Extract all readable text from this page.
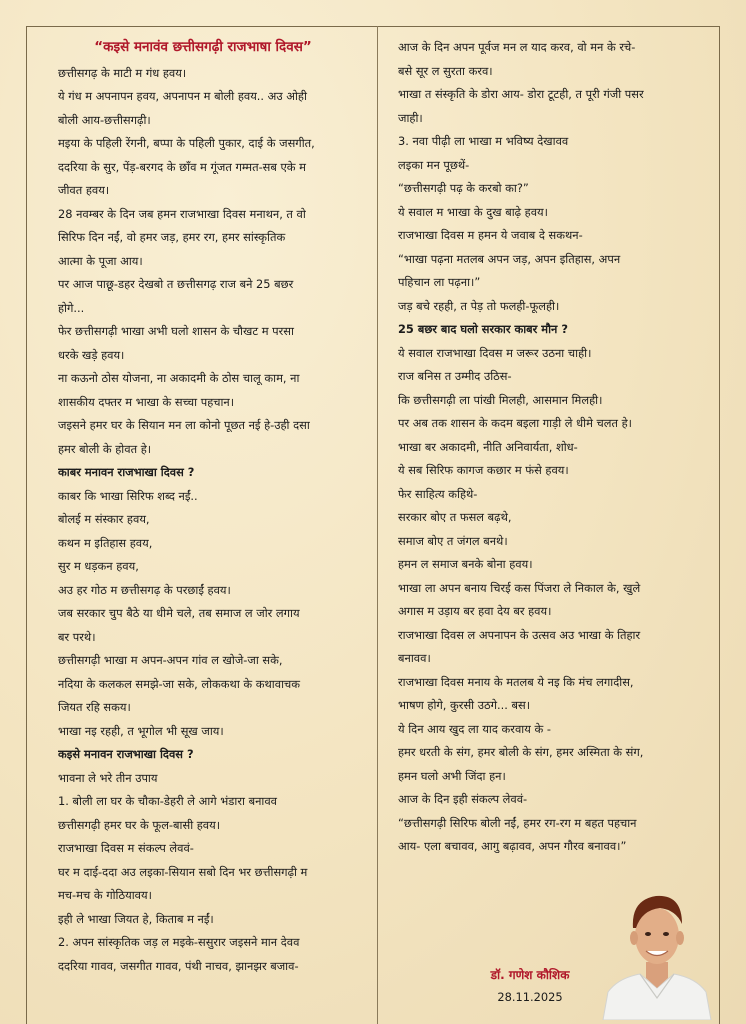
“कइसे मनावंव छत्तीसगढ़ी राजभाषा दिवस”
छत्तीसगढ़ के माटी म गंध हवय।
ये गंध म अपनापन हवय, अपनापन म बोली हवय.. अउ ओही
बोली आय-छत्तीसगढ़ी।
मइया के पहिली रेंगनी, बप्पा के पहिली पुकार, दाई के जसगीत,
ददरिया के सुर, पेंड़-बरगद के छाँव म गूंजत गम्मत-सब एके म
जीवत हवय।
28 नवम्बर के दिन जब हमन राजभाखा दिवस मनाथन, त वो
सिरिफ दिन नईं, वो हमर जड़, हमर रग, हमर सांस्कृतिक
आत्मा के पूजा आय।
पर आज पाछू-डहर देखबो त छत्तीसगढ़ राज बने 25 बछर
होगे...
फेर छत्तीसगढ़ी भाखा अभी घलो शासन के चौखट म परसा
धरके खड़े हवय।
ना कऊनो ठोस योजना, ना अकादमी के ठोस चालू काम, ना
शासकीय दफ्तर म भाखा के सच्चा पहचान।
जइसने हमर घर के सियान मन ला कोनो पूछत नई हे-उही दसा
हमर बोली के होवत हे।
काबर मनावन राजभाखा दिवस ?
काबर कि भाखा सिरिफ शब्द नईं..
बोलई म संस्कार हवय,
कथन म इतिहास हवय,
सुर म धड़कन हवय,
अउ हर गोठ म छत्तीसगढ़ के परछाईं हवय।
जब सरकार चुप बैठे या धीमे चले, तब समाज ल जोर लगाय
बर परथे।
छत्तीसगढ़ी भाखा म अपन-अपन गांव ल खोजे-जा सके,
नदिया के कलकल समझे-जा सके, लोककथा के कथावाचक
जियत रहि सकय।
भाखा नइ रहही, त भूगोल भी सूख जाय।
कइसे मनावन राजभाखा दिवस ?
भावना ले भरे तीन उपाय
1. बोली ला घर के चौका-डेहरी ले आगे भंडारा बनावव
छत्तीसगढ़ी हमर घर के फूल-बासी हवय।
राजभाखा दिवस म संकल्प लेववं-
घर म दाई-ददा अउ लइका-सियान सबो दिन भर छत्तीसगढ़ी म
मच-मच के गोठियावय।
इही ले भाखा जियत हे, किताब म नईं।
2. अपन सांस्कृतिक जड़ ल मइके-ससुरार जइसने मान देवव
ददरिया गावव, जसगीत गावव, पंथी नाचव, झानझर बजाव-
आज के दिन अपन पूर्वज मन ल याद करव, वो मन के रचे-
बसे सूर ल सुरता करव।
भाखा त संस्कृति के डोरा आय- डोरा टूटही, त पूरी गंजी पसर
जाही।
3. नवा पीढ़ी ला भाखा म भविष्य देखावव
लइका मन पूछथें-
“छत्तीसगढ़ी पढ़ के करबो का?”
ये सवाल म भाखा के दुख बाढ़े हवय।
राजभाखा दिवस म हमन ये जवाब दे सकथन-
“भाखा पढ़ना मतलब अपन जड़, अपन इतिहास, अपन
पहिचान ला पढ़ना।”
जड़ बचे रहही, त पेड़ तो फलही-फूलही।
25 बछर बाद घलो सरकार काबर मौन ?
ये सवाल राजभाखा दिवस म जरूर उठना चाही।
राज बनिस त उम्मीद उठिस-
कि छत्तीसगढ़ी ला पांखी मिलही, आसमान मिलही।
पर अब तक शासन के कदम बइला गाड़ी ले धीमे चलत हे।
भाखा बर अकादमी, नीति अनिवार्यता, शोध-
ये सब सिरिफ कागज कछार म फंसे हवय।
फेर साहित्य कहिथे-
सरकार बोए त फसल बढ़थे,
समाज बोए त जंगल बनथे।
हमन ल समाज बनके बोना हवय।
भाखा ला अपन बनाय चिरई कस पिंजरा ले निकाल के, खुले
अगास म उड़ाय बर हवा देय बर हवय।
राजभाखा दिवस ल अपनापन के उत्सव अउ भाखा के तिहार
बनावव।
राजभाखा दिवस मनाय के मतलब ये नइ कि मंच लगादीस,
भाषण होगे, कुरसी उठगे... बस।
ये दिन आय खुद ला याद करवाय के -
हमर धरती के संग, हमर बोली के संग, हमर अस्मिता के संग,
हमन घलो अभी जिंदा हन।
आज के दिन इही संकल्प लेववं-
“छत्तीसगढ़ी सिरिफ बोली नईं, हमर रग-रग म बहत पहचान
आय- एला बचावव, आगु बढ़ावव, अपन गौरव बनावव।”
डॉ. गणेश कौशिक
28.11.2025
